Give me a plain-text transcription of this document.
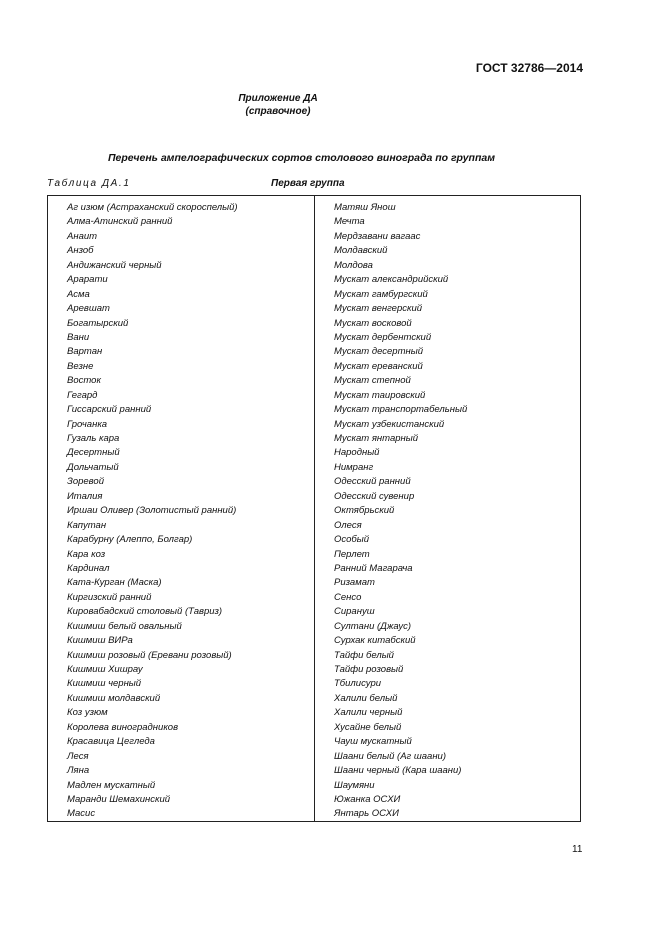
ГОСТ 32786—2014
Приложение ДА
(справочное)
Перечень ампелографических сортов столового винограда по группам
Таблица ДА.1	Первая группа
Аг изюм (Астраханский скороспелый)
Алма-Атинский ранний
Анаит
Анзоб
Андижанский черный
Арарати
Асма
Аревшат
Богатырский
Вани
Вартан
Везне
Восток
Гегард
Гиссарский ранний
Грочанка
Гузаль кара
Десертный
Дольчатый
Зоревой
Италия
Иршаи Оливер (Золотистый ранний)
Капутан
Карабурну (Алеппо, Болгар)
Кара коз
Кардинал
Ката-Курган (Маска)
Киргизский ранний
Кировабадский столовый (Тавриз)
Кишмиш белый овальный
Кишмиш ВИРа
Кишмиш розовый (Еревани розовый)
Кишмиш Хишрау
Кишмиш черный
Кишмиш молдавский
Коз узюм
Королева виноградников
Красавица Цегледа
Леся
Ляна
Мадлен мускатный
Маранди Шемахинский
Масис
Матяш Янош
Мечта
Мердзавани вагаас
Молдавский
Молдова
Мускат александрийский
Мускат гамбургский
Мускат венгерский
Мускат восковой
Мускат дербентский
Мускат десертный
Мускат ереванский
Мускат степной
Мускат таировский
Мускат транспортабельный
Мускат узбекистанский
Мускат янтарный
Народный
Нимранг
Одесский ранний
Одесский сувенир
Октябрьский
Олеся
Особый
Перлет
Ранний Магарача
Ризамат
Сенсо
Сирануш
Султани (Джаус)
Сурхак китабский
Тайфи белый
Тайфи розовый
Тбилисури
Халили белый
Халили черный
Хусайне белый
Чауш мускатный
Шаани белый (Аг шаани)
Шаани черный (Кара шаани)
Шаумяни
Южанка ОСХИ
Янтарь ОСХИ
11
